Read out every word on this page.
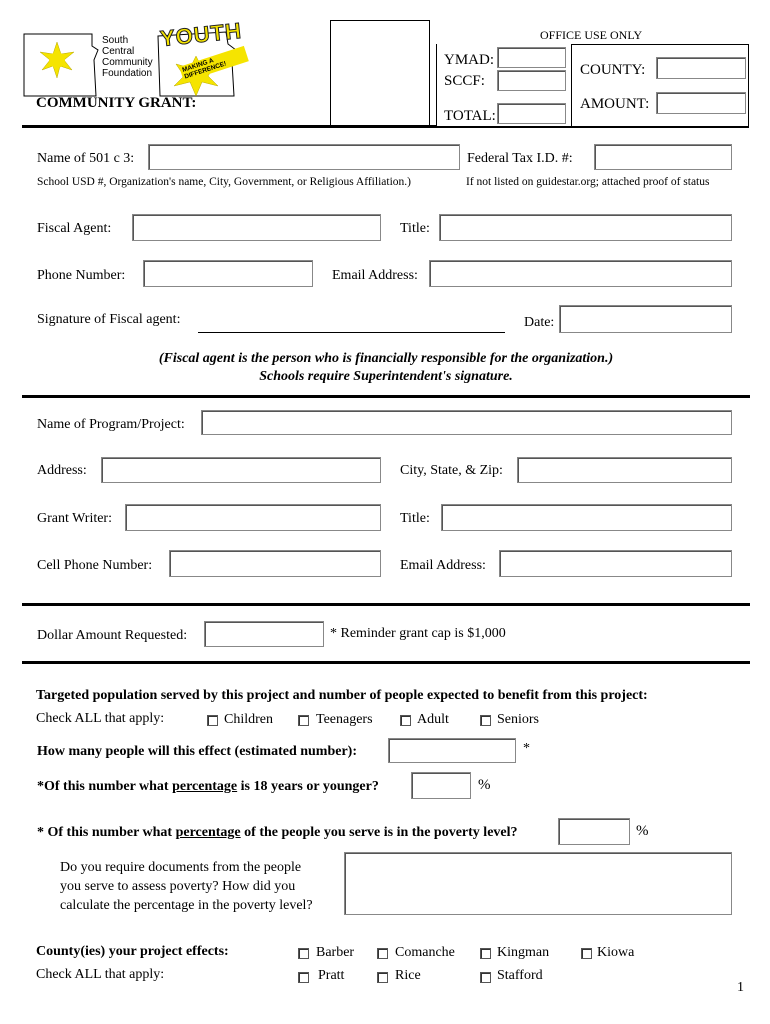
South
Central
Community
Foundation
YOUTH
MAKING A DIFFERENCE!
OFFICE USE ONLY
YMAD:
SCCF:
TOTAL:
COUNTY:
AMOUNT:
COMMUNITY GRANT:
Name of 501 c 3:	Federal Tax I.D. #:
School USD #, Organization's name, City, Government, or Religious Affiliation.)	If not listed on guidestar.org; attached proof of status
Fiscal Agent:	Title:
Phone Number:	Email Address:
Signature of Fiscal agent:	Date:
(Fiscal agent is the person who is financially responsible for the organization.)
Schools require Superintendent's signature.
Name of Program/Project:
Address:	City, State, & Zip:
Grant Writer:	Title:
Cell Phone Number:	Email Address:
Dollar Amount Requested:	* Reminder grant cap is $1,000
Targeted population served by this project and number of people expected to benefit from this project:
Check ALL that apply:	Children	Teenagers	Adult	Seniors
How many people will this effect (estimated number):	*
*Of this number what percentage is 18 years or younger?	%
* Of this number what percentage of the people you serve is in the poverty level?	%
Do you require documents from the people
you serve to assess poverty? How did you
calculate the percentage in the poverty level?
County(ies) your project effects:
Check ALL that apply:
Barber	Comanche	Kingman	Kiowa
Pratt	Rice	Stafford
1
